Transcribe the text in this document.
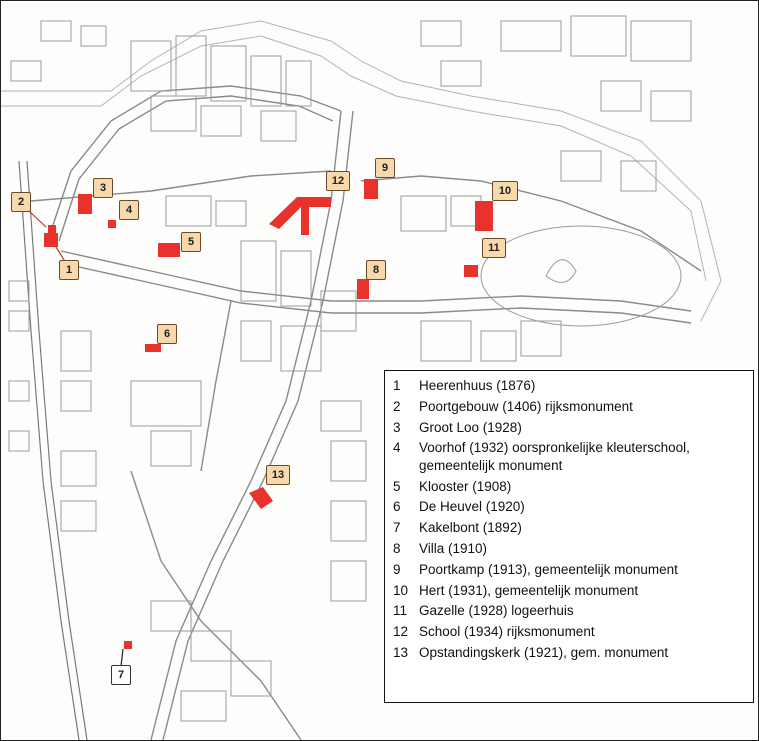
1
2
3
4
5
6
7
8
9
10
11
12
13
1	Heerenhuus (1876)
2	Poortgebouw (1406) rijksmonument
3	Groot Loo (1928)
4	Voorhof (1932) oorspronkelijke kleuterschool, gemeentelijk monument
5	Klooster (1908)
6	De Heuvel (1920)
7	Kakelbont (1892)
8	Villa (1910)
9	Poortkamp (1913), gemeentelijk monument
10 Hert (1931), gemeentelijk monument
11 Gazelle (1928) logeerhuis
12 School (1934) rijksmonument
13 Opstandingskerk (1921), gem. monument
